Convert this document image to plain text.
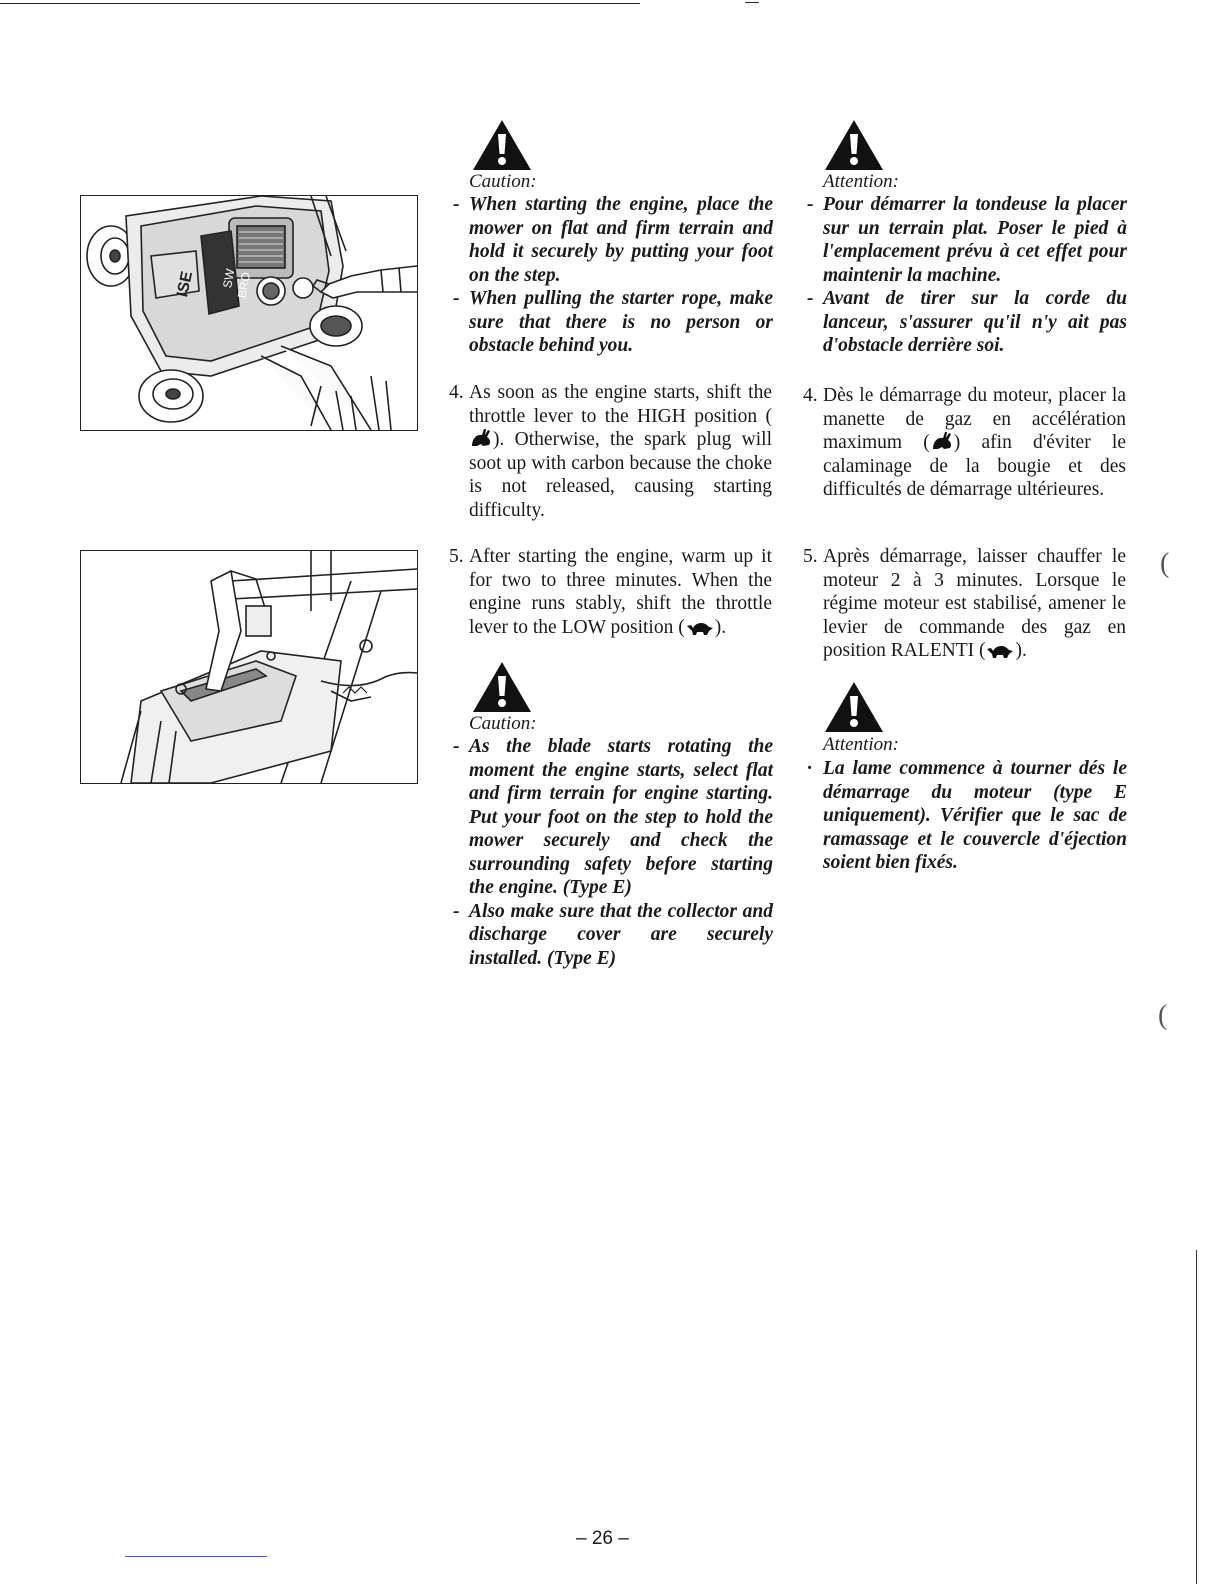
SW
BRO
ISE
Caution:
- When starting the engine, place the mower on flat and firm terrain and hold it securely by putting your foot on the step.
- When pulling the starter rope, make sure that there is no person or obstacle behind you.
4. As soon as the engine starts, shift the throttle lever to the HIGH position (). Otherwise, the spark plug will soot up with carbon because the choke is not released, causing starting difficulty.
5. After starting the engine, warm up it for two to three minutes. When the engine runs stably, shift the throttle lever to the LOW position ( ).
Caution:
- As the blade starts rotating the moment the engine starts, select flat and firm terrain for engine starting. Put your foot on the step to hold the mower securely and check the surrounding safety before starting the engine. (Type E)
- Also make sure that the collector and discharge cover are securely installed. (Type E)
Attention:
- Pour démarrer la tondeuse la placer sur un terrain plat. Poser le pied à l'emplacement prévu à cet effet pour maintenir la machine.
- Avant de tirer sur la corde du lanceur, s'assurer qu'il n'y ait pas d'obstacle derrière soi.
4. Dès le démarrage du moteur, placer la manette de gaz en accélération maximum ( ) afin d'éviter le calaminage de la bougie et des difficultés de démarrage ultérieures.
5. Après démarrage, laisser chauffer le moteur 2 à 3 minutes. Lorsque le régime moteur est stabilisé, amener le levier de commande des gaz en position RALENTI ( ).
Attention:
· La lame commence à tourner dés le démarrage du moteur (type E uniquement). Vérifier que le sac de ramassage et le couvercle d'éjection soient bien fixés.
(
(
– 26 –
